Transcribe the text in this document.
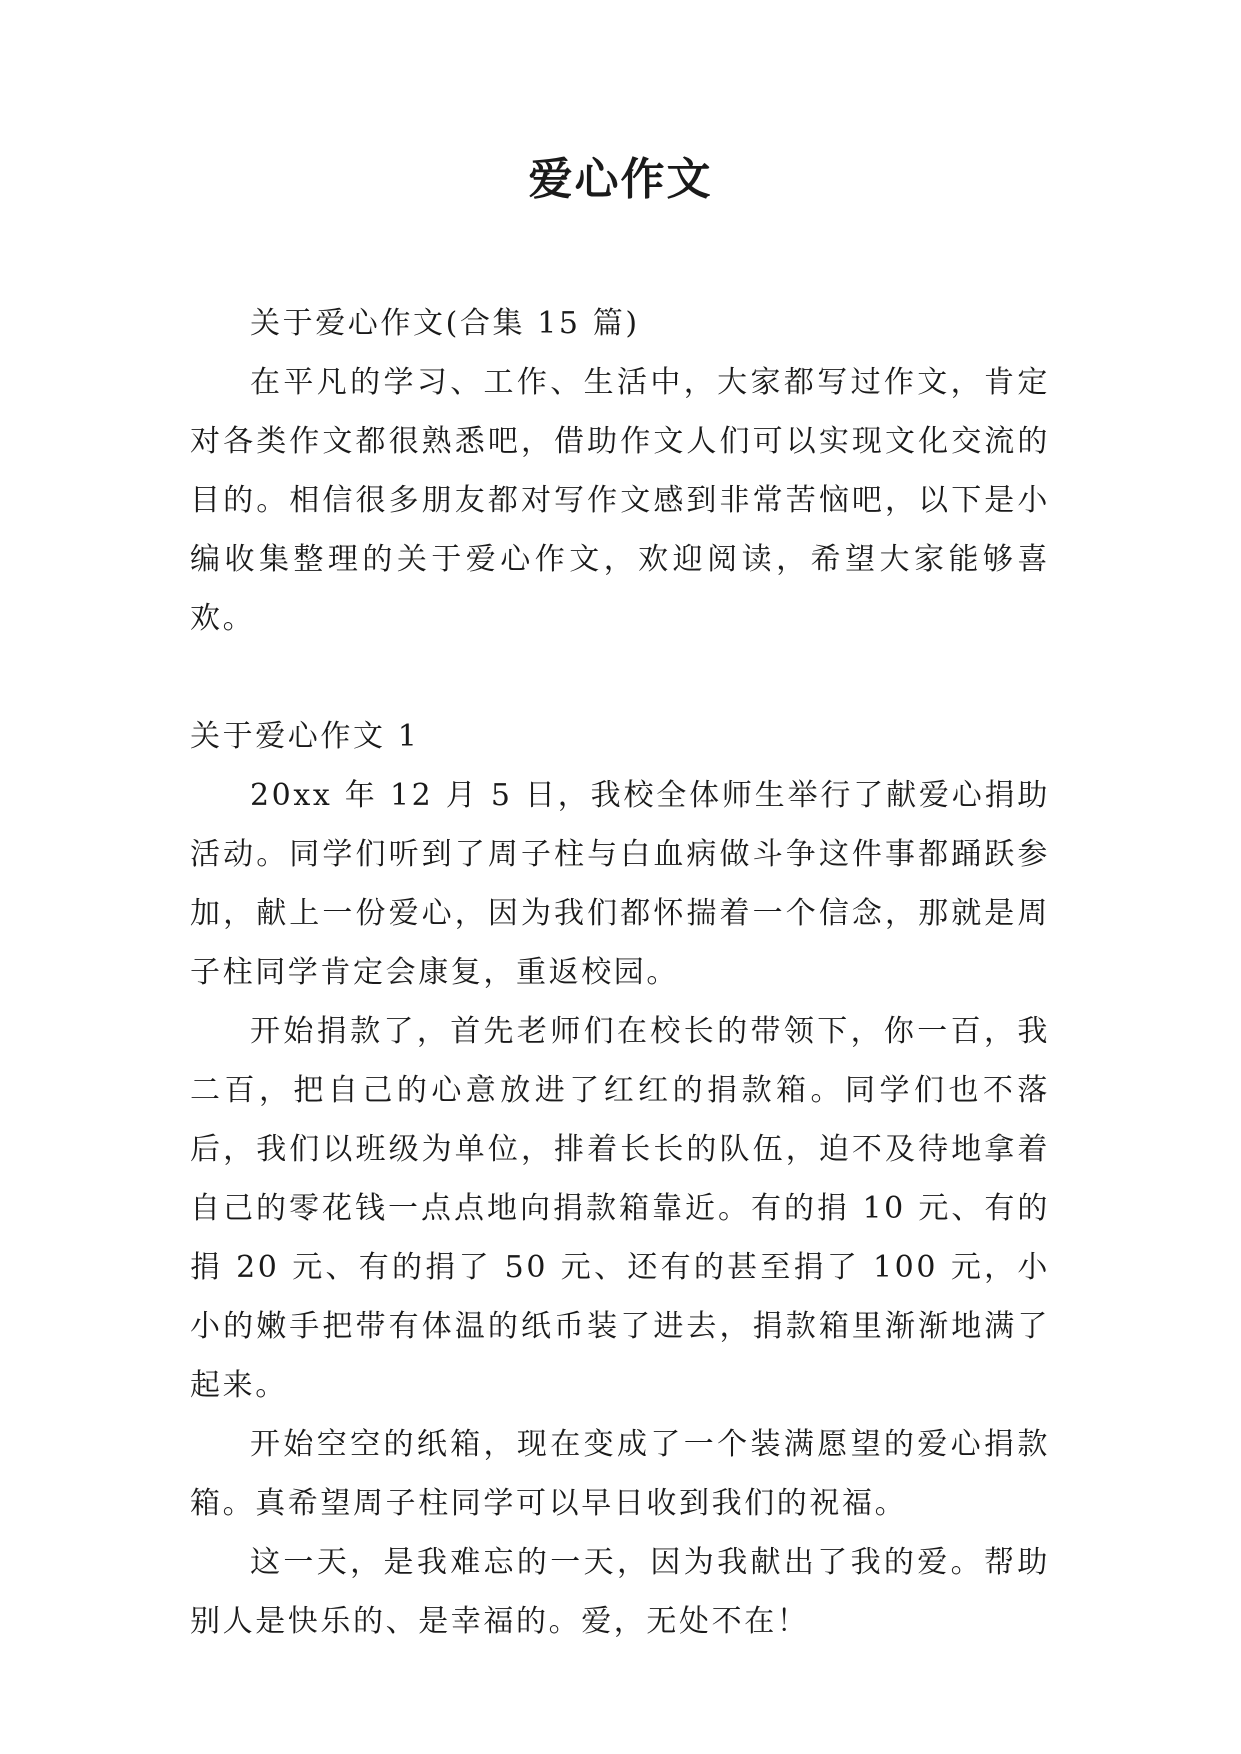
爱心作文

关于爱心作文(合集 15 篇)

在平凡的学习、工作、生活中，大家都写过作文，肯定对各类作文都很熟悉吧，借助作文人们可以实现文化交流的目的。相信很多朋友都对写作文感到非常苦恼吧，以下是小编收集整理的关于爱心作文，欢迎阅读，希望大家能够喜欢。

关于爱心作文 1

20xx 年 12 月 5 日，我校全体师生举行了献爱心捐助活动。同学们听到了周子柱与白血病做斗争这件事都踊跃参加，献上一份爱心，因为我们都怀揣着一个信念，那就是周子柱同学肯定会康复，重返校园。

开始捐款了，首先老师们在校长的带领下，你一百，我二百，把自己的心意放进了红红的捐款箱。同学们也不落后，我们以班级为单位，排着长长的队伍，迫不及待地拿着自己的零花钱一点点地向捐款箱靠近。有的捐 10 元、有的捐 20 元、有的捐了 50 元、还有的甚至捐了 100 元，小小的嫩手把带有体温的纸币装了进去，捐款箱里渐渐地满了起来。

开始空空的纸箱，现在变成了一个装满愿望的爱心捐款箱。真希望周子柱同学可以早日收到我们的祝福。

这一天，是我难忘的一天，因为我献出了我的爱。帮助别人是快乐的、是幸福的。爱，无处不在！
